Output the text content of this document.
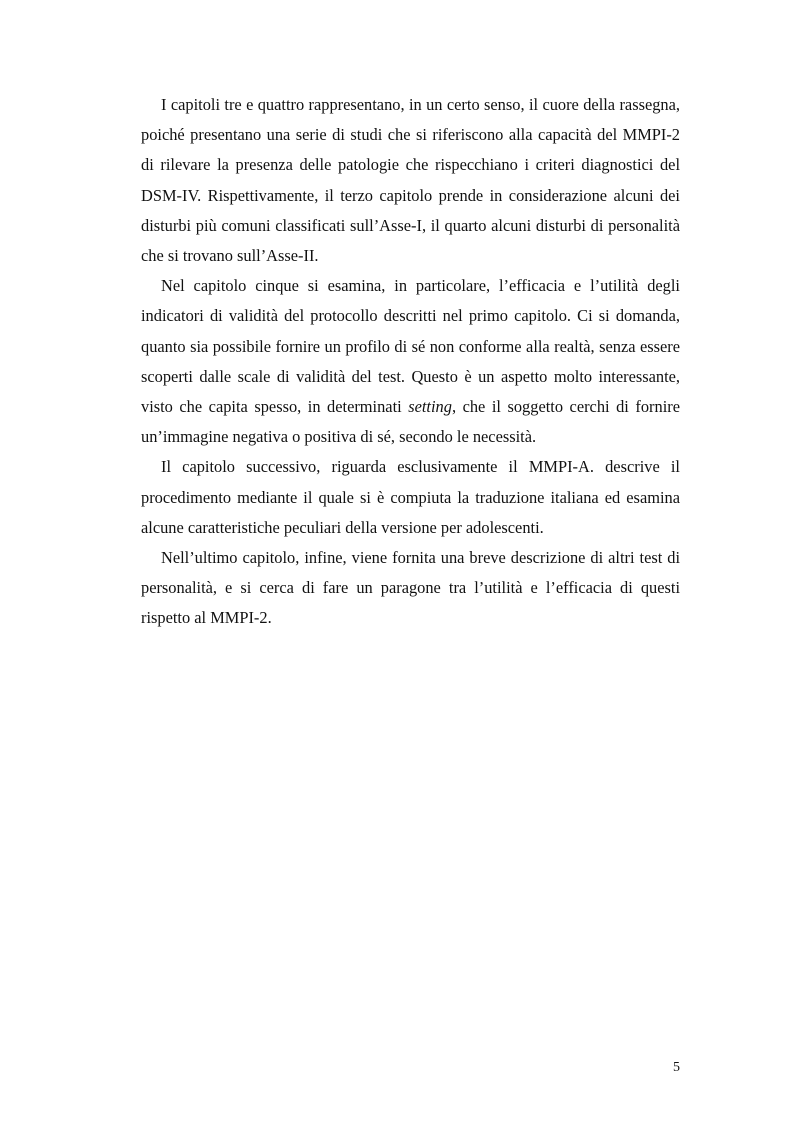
I capitoli tre e quattro rappresentano, in un certo senso, il cuore della rassegna, poiché presentano una serie di studi che si riferiscono alla capacità del MMPI-2 di rilevare la presenza delle patologie che rispecchiano i criteri diagnostici del DSM-IV. Rispettivamente, il terzo capitolo prende in considerazione alcuni dei disturbi più comuni classificati sull’Asse-I, il quarto alcuni disturbi di personalità che si trovano sull’Asse-II.

Nel capitolo cinque si esamina, in particolare, l’efficacia e l’utilità degli indicatori di validità del protocollo descritti nel primo capitolo. Ci si domanda, quanto sia possibile fornire un profilo di sé non conforme alla realtà, senza essere scoperti dalle scale di validità del test. Questo è un aspetto molto interessante, visto che capita spesso, in determinati setting, che il soggetto cerchi di fornire un’immagine negativa o positiva di sé, secondo le necessità.

Il capitolo successivo, riguarda esclusivamente il MMPI-A. descrive il procedimento mediante il quale si è compiuta la traduzione italiana ed esamina alcune caratteristiche peculiari della versione per adolescenti.

Nell’ultimo capitolo, infine, viene fornita una breve descrizione di altri test di personalità, e si cerca di fare un paragone tra l’utilità e l’efficacia di questi rispetto al MMPI-2.

5
